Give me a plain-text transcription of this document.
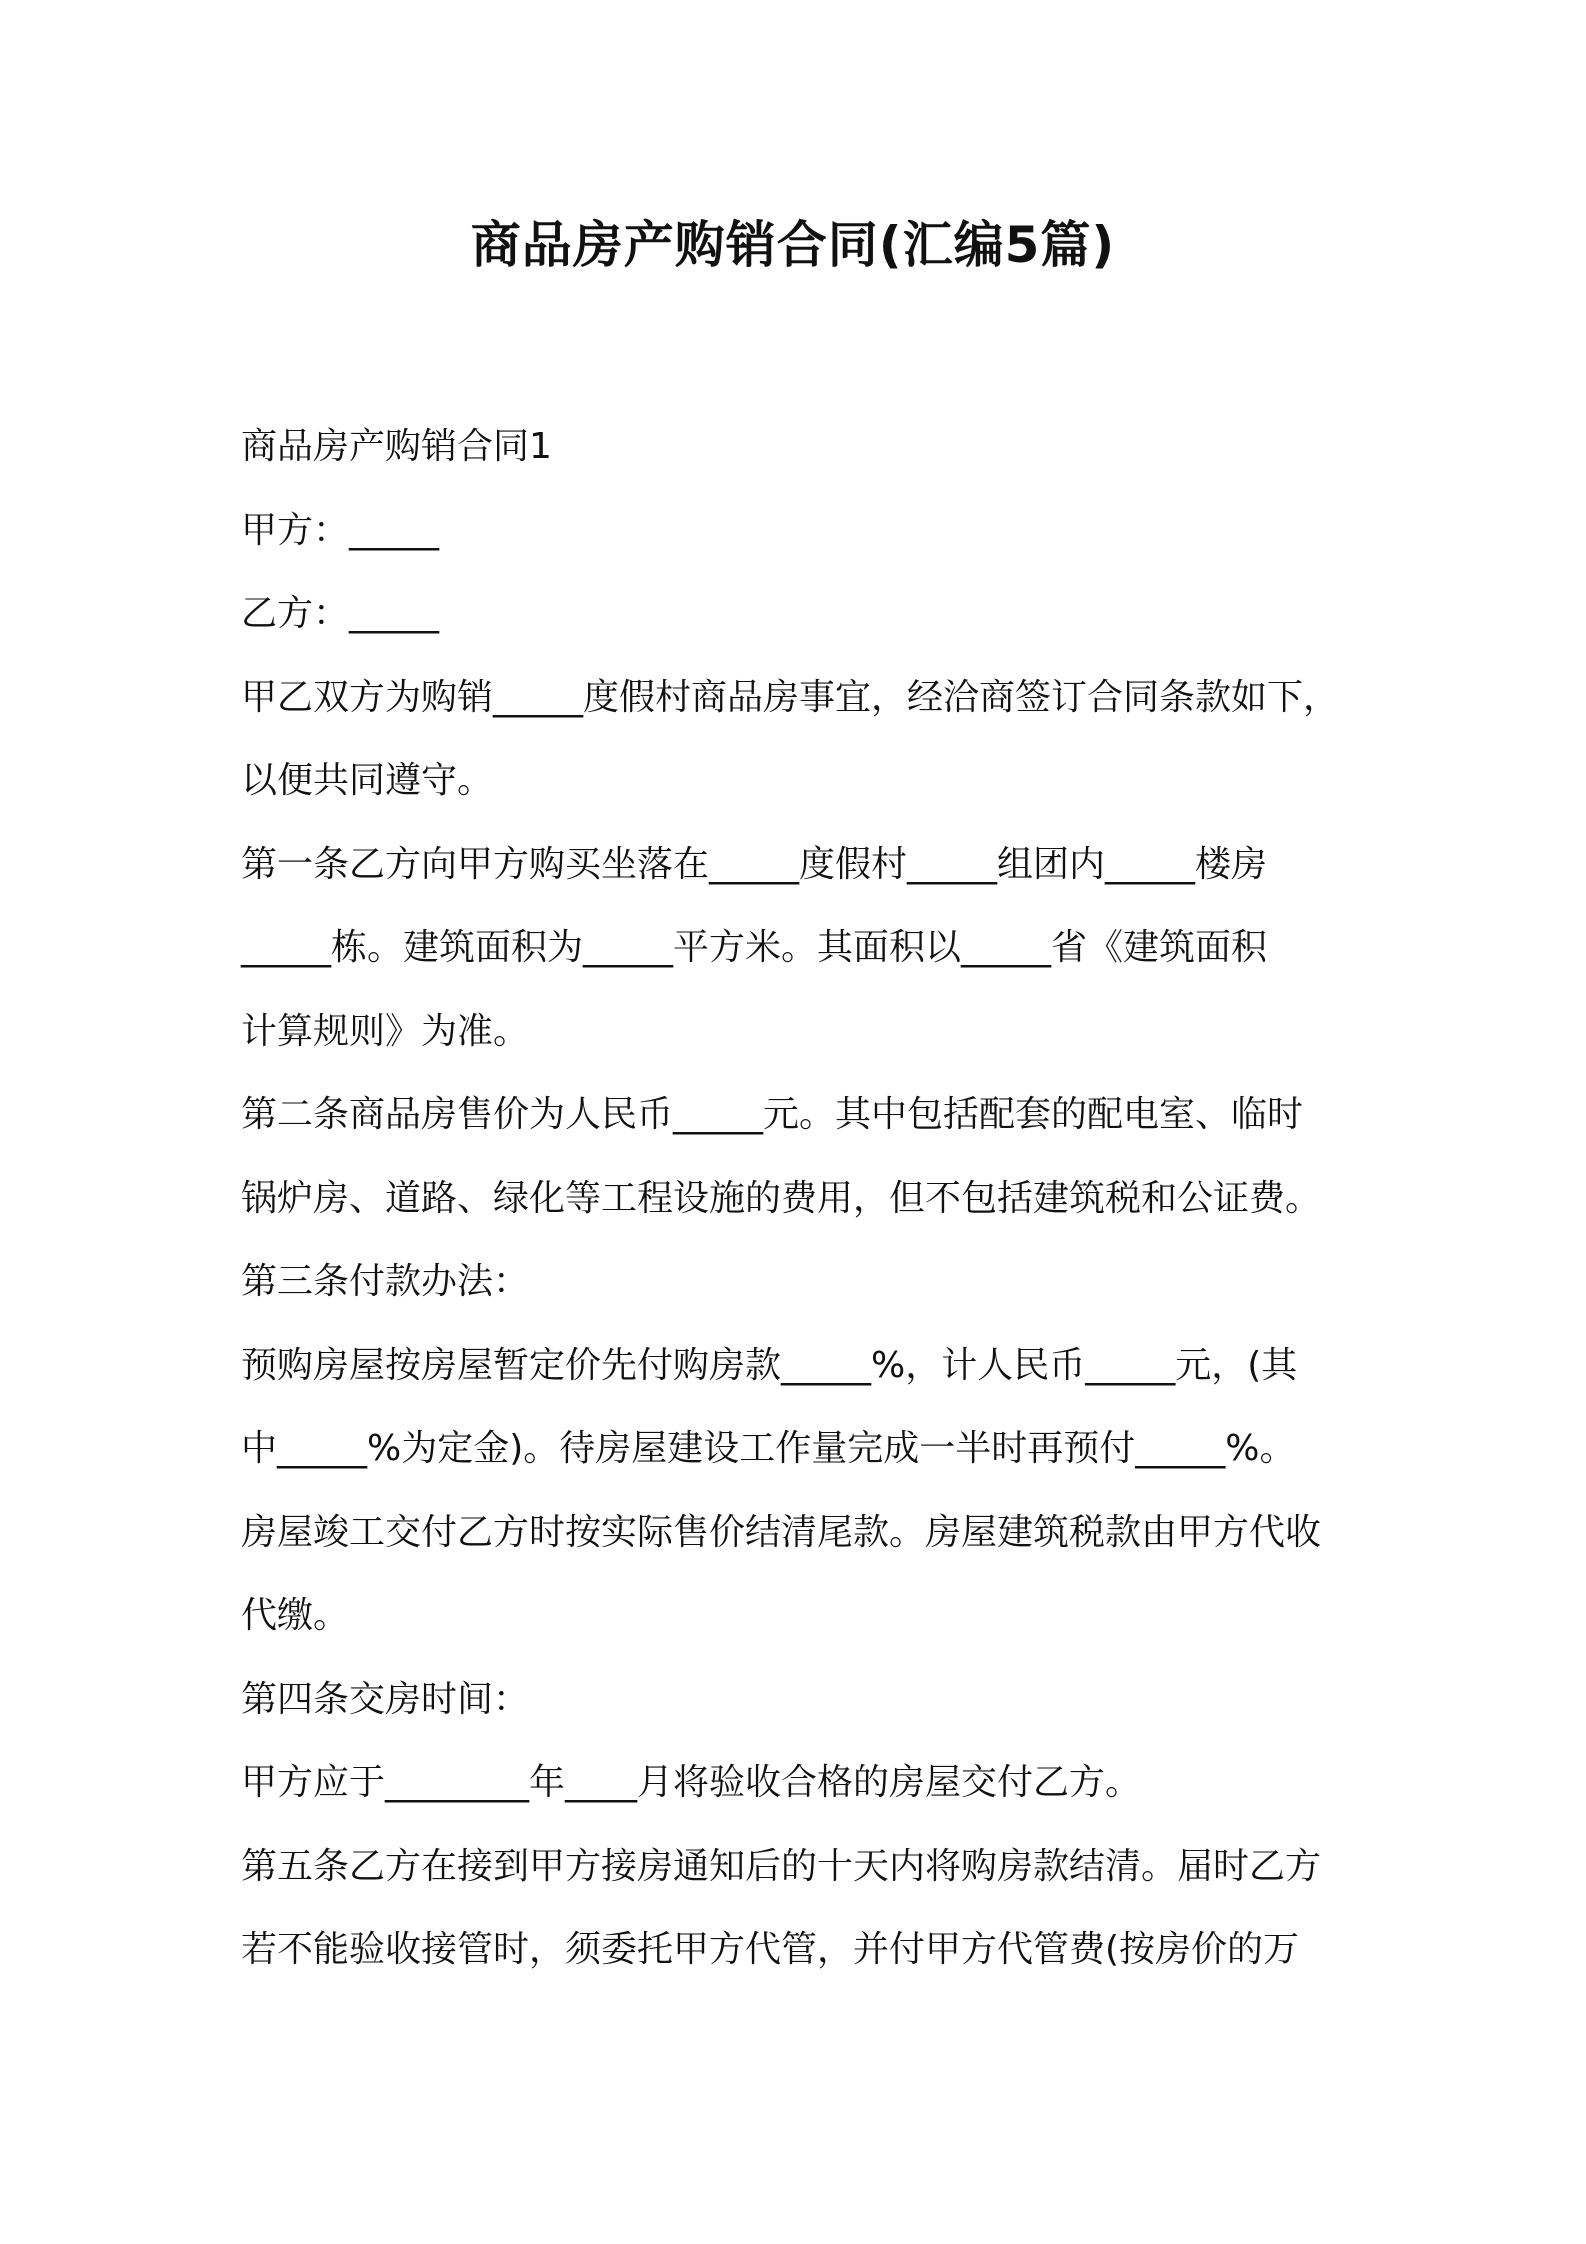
商品房产购销合同(汇编5篇)

商品房产购销合同1

甲方：_____

乙方：_____

甲乙双方为购销_____度假村商品房事宜，经洽商签订合同条款如下，

以便共同遵守。

第一条乙方向甲方购买坐落在_____度假村_____组团内_____楼房

_____栋。建筑面积为_____平方米。其面积以_____省《建筑面积

计算规则》为准。

第二条商品房售价为人民币_____元。其中包括配套的配电室、临时

锅炉房、道路、绿化等工程设施的费用，但不包括建筑税和公证费。

第三条付款办法：

预购房屋按房屋暂定价先付购房款_____%，计人民币_____元，(其

中_____%为定金)。待房屋建设工作量完成一半时再预付_____%。

房屋竣工交付乙方时按实际售价结清尾款。房屋建筑税款由甲方代收

代缴。

第四条交房时间：

甲方应于________年____月将验收合格的房屋交付乙方。

第五条乙方在接到甲方接房通知后的十天内将购房款结清。届时乙方

若不能验收接管时，须委托甲方代管，并付甲方代管费(按房价的万
